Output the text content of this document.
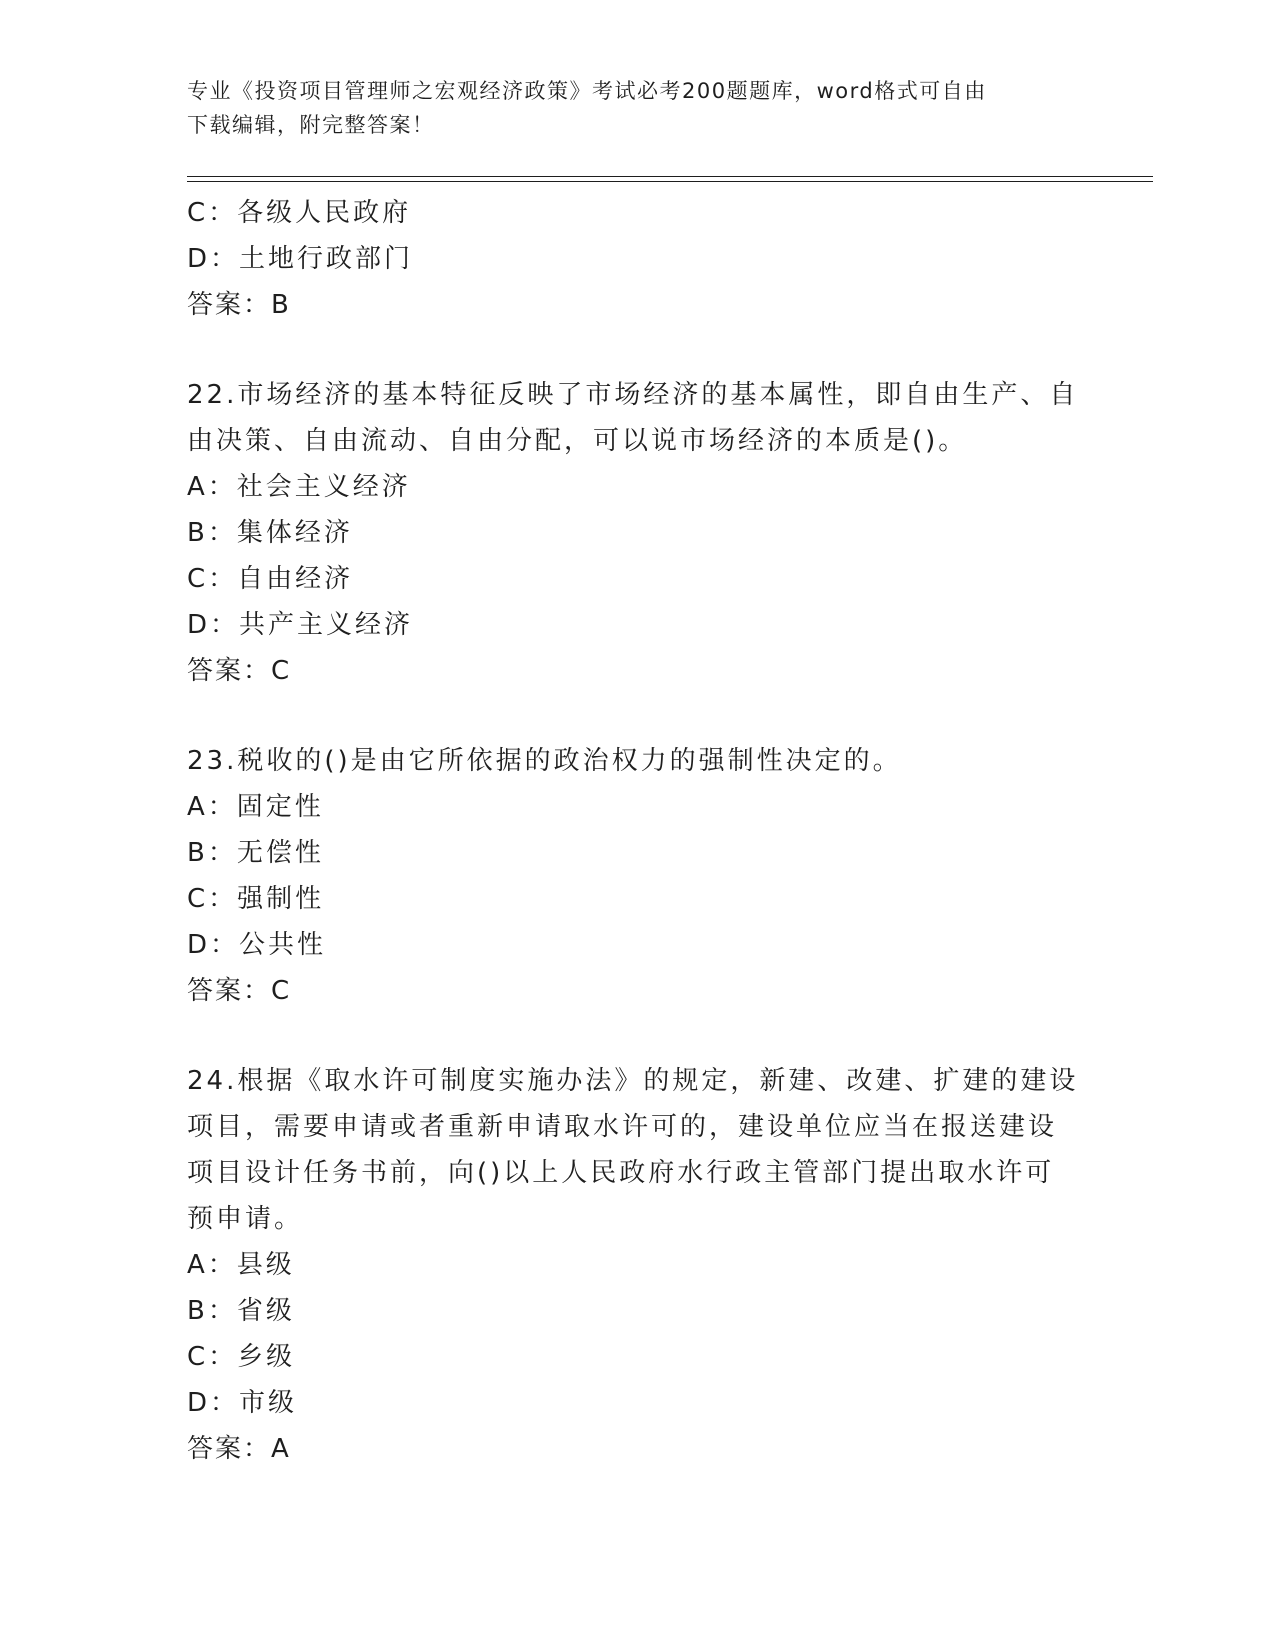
专业《投资项目管理师之宏观经济政策》考试必考200题题库，word格式可自由
下载编辑，附完整答案！
C：各级人民政府
D：土地行政部门
答案：B
22.市场经济的基本特征反映了市场经济的基本属性，即自由生产、自
由决策、自由流动、自由分配，可以说市场经济的本质是()。
A：社会主义经济
B：集体经济
C：自由经济
D：共产主义经济
答案：C
23.税收的()是由它所依据的政治权力的强制性决定的。
A：固定性
B：无偿性
C：强制性
D：公共性
答案：C
24.根据《取水许可制度实施办法》的规定，新建、改建、扩建的建设
项目，需要申请或者重新申请取水许可的，建设单位应当在报送建设
项目设计任务书前，向()以上人民政府水行政主管部门提出取水许可
预申请。
A：县级
B：省级
C：乡级
D：市级
答案：A
